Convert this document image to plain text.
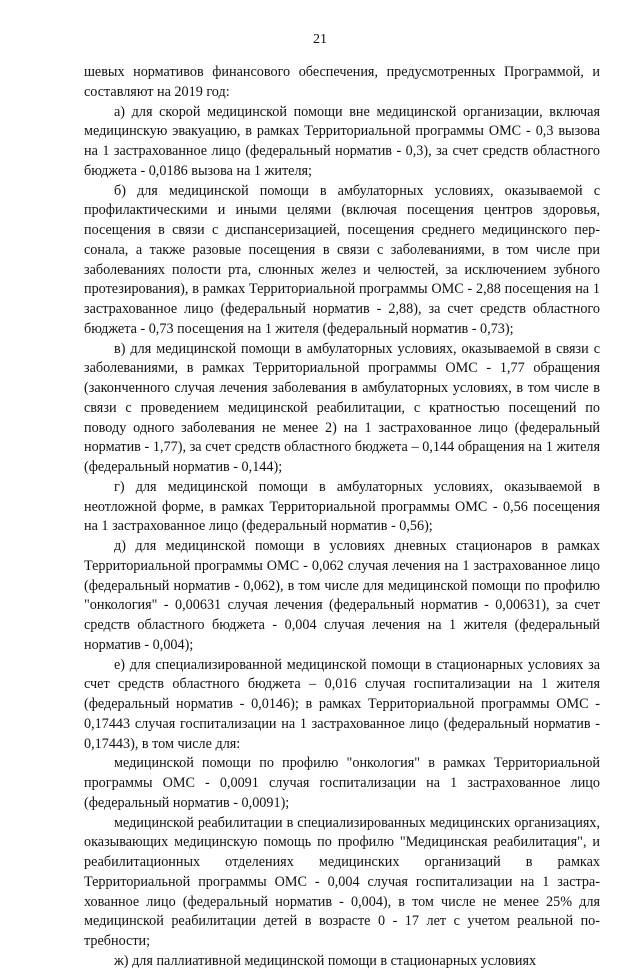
21

шевых нормативов финансового обеспечения, предусмотренных Программой, и составляют на 2019 год:

а) для скорой медицинской помощи вне медицинской организации, включая медицинскую эвакуацию, в рамках Территориальной программы ОМС - 0,3 вызова на 1 застрахованное лицо (федеральный норматив - 0,3), за счет средств областного бюджета - 0,0186 вызова на 1 жителя;

б) для медицинской помощи в амбулаторных условиях, оказываемой с профилактическими и иными целями (включая посещения центров здоровья, посещения в связи с диспансеризацией, посещения среднего медицинского персонала, а также разовые посещения в связи с заболеваниями, в том числе при заболеваниях полости рта, слюнных желез и челюстей, за исключением зубного протезирования), в рамках Территориальной программы ОМС - 2,88 посещения на 1 застрахованное лицо (федеральный норматив - 2,88), за счет средств областного бюджета - 0,73 посещения на 1 жителя (федеральный норматив - 0,73);

в) для медицинской помощи в амбулаторных условиях, оказываемой в связи с заболеваниями, в рамках Территориальной программы ОМС - 1,77 обращения (законченного случая лечения заболевания в амбулаторных условиях, в том числе в связи с проведением медицинской реабилитации, с кратностью посещений по поводу одного заболевания не менее 2) на 1 застрахованное лицо (федеральный норматив - 1,77), за счет средств областного бюджета – 0,144 обращения на 1 жителя (федеральный норматив - 0,144);

г) для медицинской помощи в амбулаторных условиях, оказываемой в неотложной форме, в рамках Территориальной программы ОМС - 0,56 посещения на 1 застрахованное лицо (федеральный норматив - 0,56);

д) для медицинской помощи в условиях дневных стационаров в рамках Территориальной программы ОМС - 0,062 случая лечения на 1 застрахованное лицо (федеральный норматив - 0,062), в том числе для медицинской помощи по профилю "онкология" - 0,00631 случая лечения (федеральный норматив - 0,00631), за счет средств областного бюджета - 0,004 случая лечения на 1 жителя (федеральный норматив - 0,004);

е) для специализированной медицинской помощи в стационарных условиях за счет средств областного бюджета – 0,016 случая госпитализации на 1 жителя (федеральный норматив - 0,0146); в рамках Территориальной программы ОМС - 0,17443 случая госпитализации на 1 застрахованное лицо (федеральный норматив - 0,17443), в том числе для:

медицинской помощи по профилю "онкология" в рамках Территориальной программы ОМС - 0,0091 случая госпитализации на 1 застрахованное лицо (федеральный норматив - 0,0091);

медицинской реабилитации в специализированных медицинских организациях, оказывающих медицинскую помощь по профилю "Медицинская реабилитация", и реабилитационных отделениях медицинских организаций в рамках Территориальной программы ОМС - 0,004 случая госпитализации на 1 застрахованное лицо (федеральный норматив - 0,004), в том числе не менее 25% для медицинской реабилитации детей в возрасте 0 - 17 лет с учетом реальной потребности;

ж) для паллиативной медицинской помощи в стационарных условиях
